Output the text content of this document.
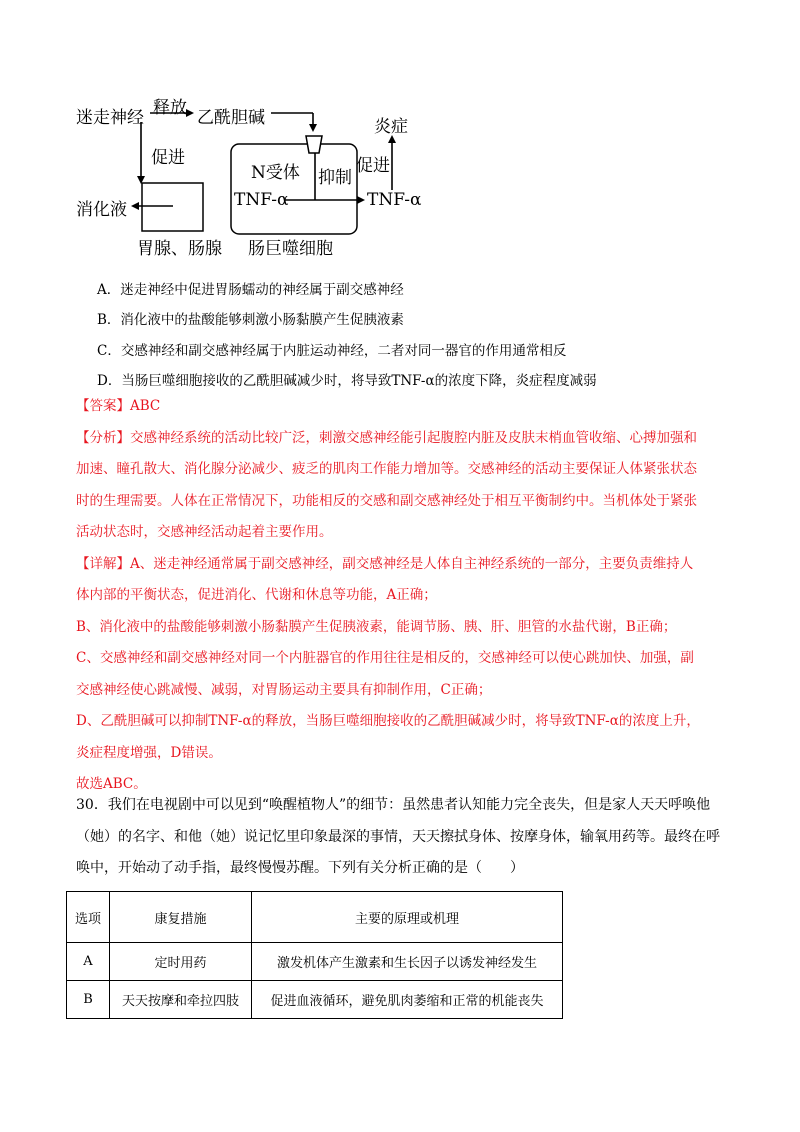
迷走神经 释放 乙酰胆碱
促进
消化液
胃腺、肠腺
N受体 抑制
TNF-α	TNF-α
促进
炎症
肠巨噬细胞
A．迷走神经中促进胃肠蠕动的神经属于副交感神经
B．消化液中的盐酸能够刺激小肠黏膜产生促胰液素
C．交感神经和副交感神经属于内脏运动神经，二者对同一器官的作用通常相反
D．当肠巨噬细胞接收的乙酰胆碱减少时，将导致TNF-α的浓度下降，炎症程度减弱
【答案】ABC
【分析】交感神经系统的活动比较广泛，刺激交感神经能引起腹腔内脏及皮肤末梢血管收缩、心搏加强和
加速、瞳孔散大、消化腺分泌减少、疲乏的肌肉工作能力增加等。交感神经的活动主要保证人体紧张状态
时的生理需要。人体在正常情况下，功能相反的交感和副交感神经处于相互平衡制约中。当机体处于紧张
活动状态时，交感神经活动起着主要作用。
【详解】A、迷走神经通常属于副交感神经，副交感神经是人体自主神经系统的一部分，主要负责维持人
体内部的平衡状态，促进消化、代谢和休息等功能，A正确；
B、消化液中的盐酸能够刺激小肠黏膜产生促胰液素，能调节肠、胰、肝、胆管的水盐代谢，B正确；
C、交感神经和副交感神经对同一个内脏器官的作用往往是相反的，交感神经可以使心跳加快、加强，副
交感神经使心跳减慢、减弱，对胃肠运动主要具有抑制作用，C正确；
D、乙酰胆碱可以抑制TNF-α的释放，当肠巨噬细胞接收的乙酰胆碱减少时，将导致TNF-α的浓度上升，
炎症程度增强，D错误。
故选ABC。
30．我们在电视剧中可以见到“唤醒植物人”的细节：虽然患者认知能力完全丧失，但是家人天天呼唤他
（她）的名字、和他（她）说记忆里印象最深的事情，天天擦拭身体、按摩身体，输氧用药等。最终在呼
唤中，开始动了动手指，最终慢慢苏醒。下列有关分析正确的是（　　）
选项	康复措施	主要的原理或机理
A	定时用药	激发机体产生激素和生长因子以诱发神经发生
B	天天按摩和牵拉四肢	促进血液循环，避免肌肉萎缩和正常的机能丧失
